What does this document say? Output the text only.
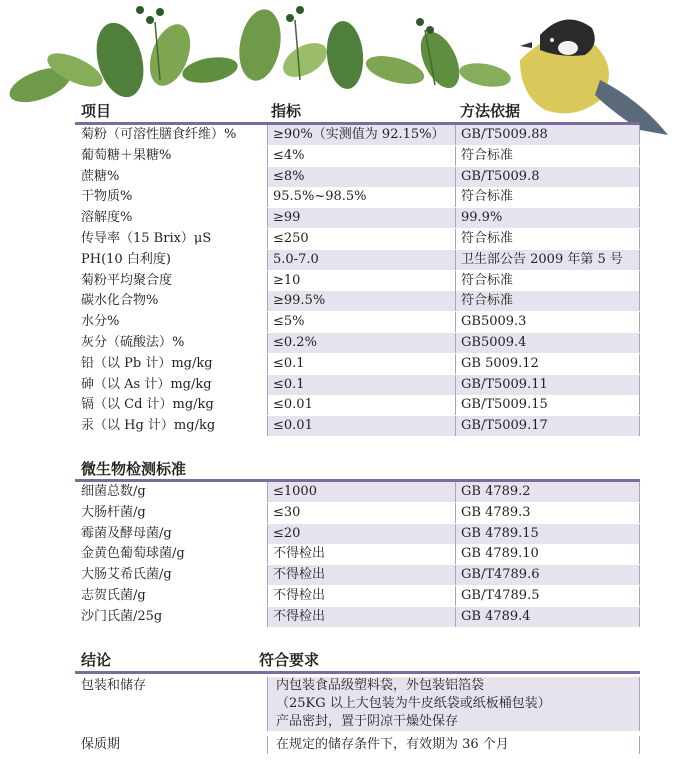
项目	指标	方法依据
菊粉（可溶性膳食纤维）%	≥90%（实测值为 92.15%）	GB/T5009.88
葡萄糖＋果糖%	≤4%	符合标准
蔗糖%	≤8%	GB/T5009.8
干物质%	95.5%~98.5%	符合标准
溶解度%	≥99	99.9%
传导率（15 Brix）μS	≤250	符合标准
PH(10 白利度)	5.0-7.0	卫生部公告 2009 年第 5 号
菊粉平均聚合度	≥10	符合标准
碳水化合物%	≥99.5%	符合标准
水分%	≤5%	GB5009.3
灰分（硫酸法）%	≤0.2%	GB5009.4
铅（以 Pb 计）mg/kg	≤0.1	GB 5009.12
砷（以 As 计）mg/kg	≤0.1	GB/T5009.11
镉（以 Cd 计）mg/kg	≤0.01	GB/T5009.15
汞（以 Hg 计）mg/kg	≤0.01	GB/T5009.17
微生物检测标准
细菌总数/g	≤1000	GB 4789.2
大肠杆菌/g	≤30	GB 4789.3
霉菌及酵母菌/g	≤20	GB 4789.15
金黄色葡萄球菌/g	不得检出	GB 4789.10
大肠艾希氏菌/g	不得检出	GB/T4789.6
志贺氏菌/g	不得检出	GB/T4789.5
沙门氏菌/25g	不得检出	GB 4789.4
结论	符合要求
包装和储存	内包装食品级塑料袋，外包装铝箔袋
（25KG 以上大包装为牛皮纸袋或纸板桶包装）
产品密封，置于阴凉干燥处保存
保质期	在规定的储存条件下，有效期为 36 个月
